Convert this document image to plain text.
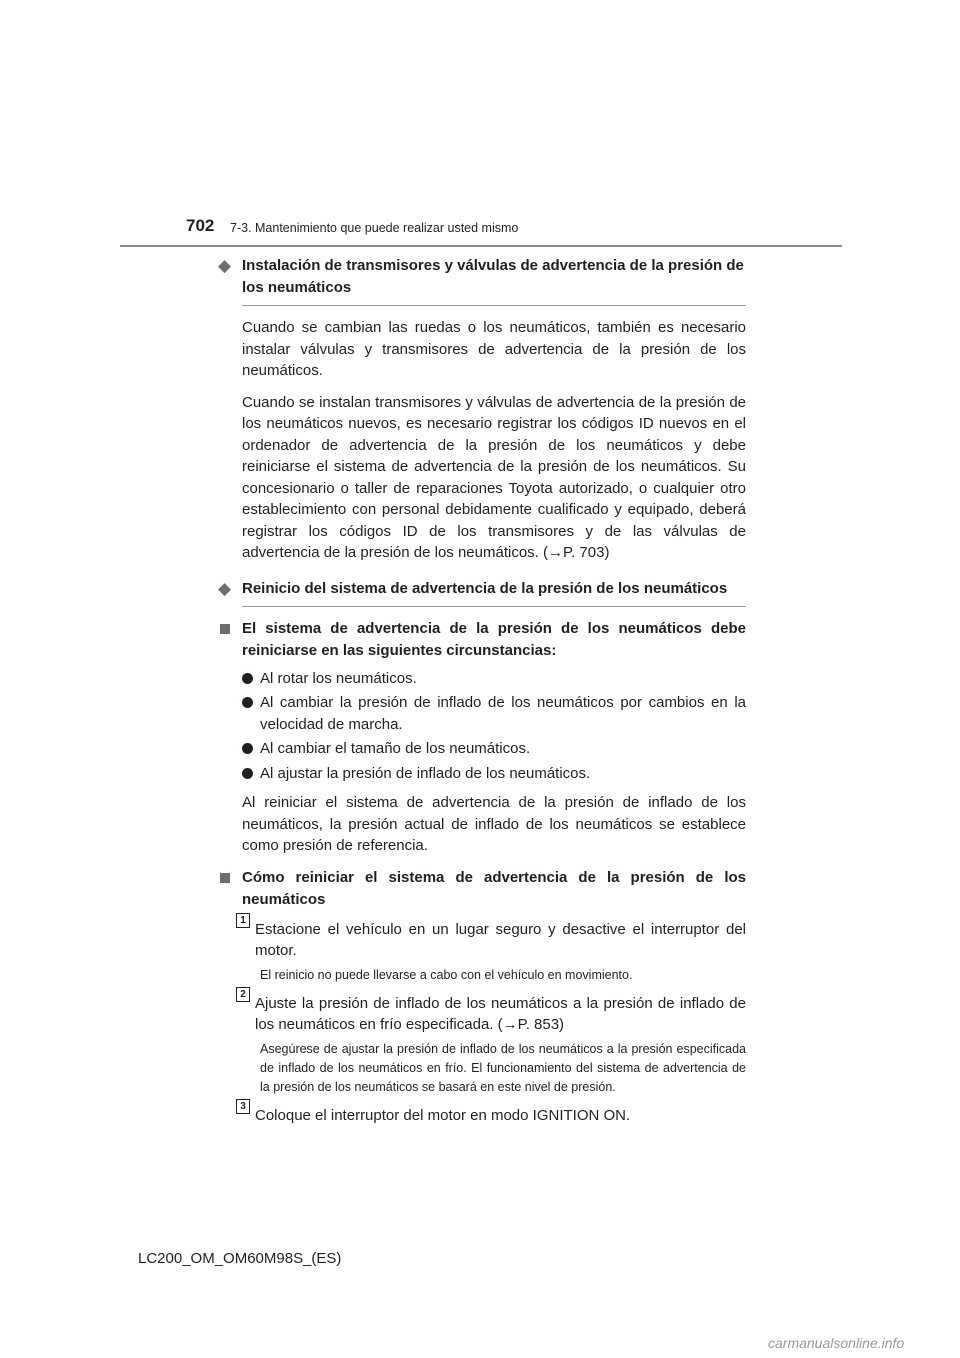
702 7-3. Mantenimiento que puede realizar usted mismo
◆ Instalación de transmisores y válvulas de advertencia de la presión de los neumáticos

Cuando se cambian las ruedas o los neumáticos, también es necesario instalar válvulas y transmisores de advertencia de la presión de los neumáticos.

Cuando se instalan transmisores y válvulas de advertencia de la presión de los neumáticos nuevos, es necesario registrar los códigos ID nuevos en el ordenador de advertencia de la presión de los neumáticos y debe reiniciarse el sistema de advertencia de la presión de los neumáticos. Su concesionario o taller de reparaciones Toyota autorizado, o cualquier otro establecimiento con personal debidamente cualificado y equipado, deberá registrar los códigos ID de los transmisores y de las válvulas de advertencia de la presión de los neumáticos. (→P. 703)

◆ Reinicio del sistema de advertencia de la presión de los neumáticos
El sistema de advertencia de la presión de los neumáticos debe reiniciarse en las siguientes circunstancias:
Al rotar los neumáticos.
Al cambiar la presión de inflado de los neumáticos por cambios en la velocidad de marcha.
Al cambiar el tamaño de los neumáticos.
Al ajustar la presión de inflado de los neumáticos.

Al reiniciar el sistema de advertencia de la presión de inflado de los neumáticos, la presión actual de inflado de los neumáticos se establece como presión de referencia.

Cómo reiniciar el sistema de advertencia de la presión de los neumáticos
1
Estacione el vehículo en un lugar seguro y desactive el interruptor del motor.
El reinicio no puede llevarse a cabo con el vehículo en movimiento.
2
Ajuste la presión de inflado de los neumáticos a la presión de inflado de los neumáticos en frío especificada. (→P. 853)
Asegúrese de ajustar la presión de inflado de los neumáticos a la presión especificada de inflado de los neumáticos en frío. El funcionamiento del sistema de advertencia de la presión de los neumáticos se basará en este nivel de presión.
3
Coloque el interruptor del motor en modo IGNITION ON.
LC200_OM_OM60M98S_(ES)
carmanualsonline.info
